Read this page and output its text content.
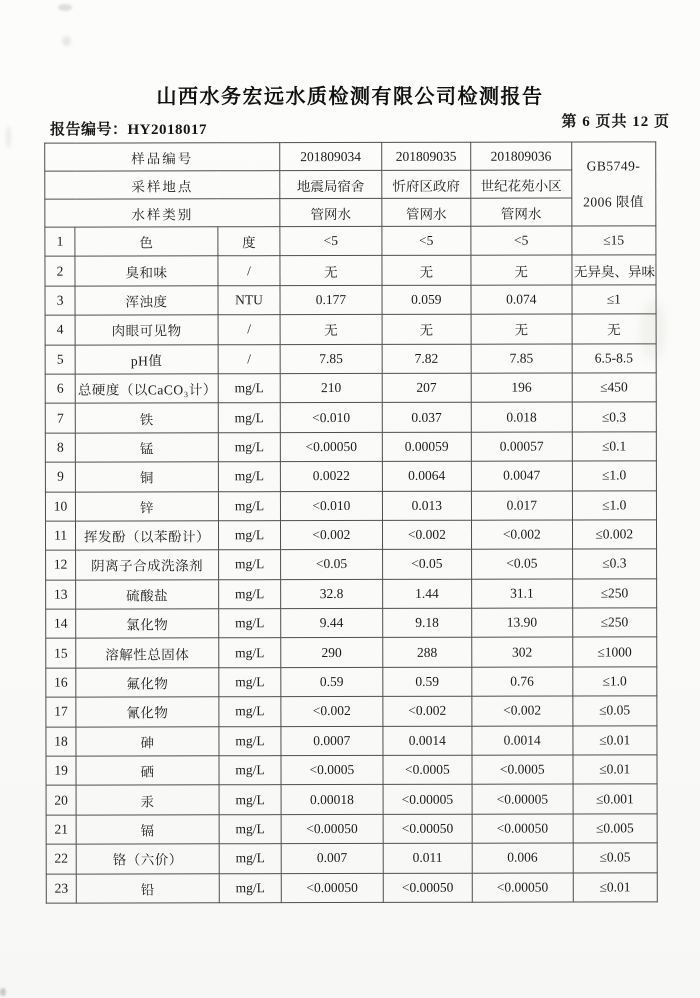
山西水务宏远水质检测有限公司检测报告
报告编号：HY2018017	第 6 页共 12 页
样品编号			201809034	201809035	201809036	GB5749-
2006 限值

采样地点			地震局宿舍	忻府区政府	世纪花苑小区	
水样类别			管网水	管网水	管网水	
1	色	度	<5	<5	<5	≤15
2	臭和味	/	无	无	无	无异臭、异味
3	浑浊度	NTU	0.177	0.059	0.074	≤1
4	肉眼可见物	/	无	无	无	无
5	pH值	/	7.85	7.82	7.85	6.5-8.5
6	总硬度（以CaCO₃计）	mg/L	210	207	196	≤450
7	铁	mg/L	<0.010	0.037	0.018	≤0.3
8	锰	mg/L	<0.00050	0.00059	0.00057	≤0.1
9	铜	mg/L	0.0022	0.0064	0.0047	≤1.0
10	锌	mg/L	<0.010	0.013	0.017	≤1.0
11	挥发酚（以苯酚计）	mg/L	<0.002	<0.002	<0.002	≤0.002
12	阴离子合成洗涤剂	mg/L	<0.05	<0.05	<0.05	≤0.3
13	硫酸盐	mg/L	32.8	1.44	31.1	≤250
14	氯化物	mg/L	9.44	9.18	13.90	≤250
15	溶解性总固体	mg/L	290	288	302	≤1000
16	氟化物	mg/L	0.59	0.59	0.76	≤1.0
17	氰化物	mg/L	<0.002	<0.002	<0.002	≤0.05
18	砷	mg/L	0.0007	0.0014	0.0014	≤0.01
19	硒	mg/L	<0.0005	<0.0005	<0.0005	≤0.01
20	汞	mg/L	0.00018	<0.00005	<0.00005	≤0.001
21	镉	mg/L	<0.00050	<0.00050	<0.00050	≤0.005
22	铬（六价）	mg/L	0.007	0.011	0.006	≤0.05
23	铅	mg/L	<0.00050	<0.00050	<0.00050	≤0.01
